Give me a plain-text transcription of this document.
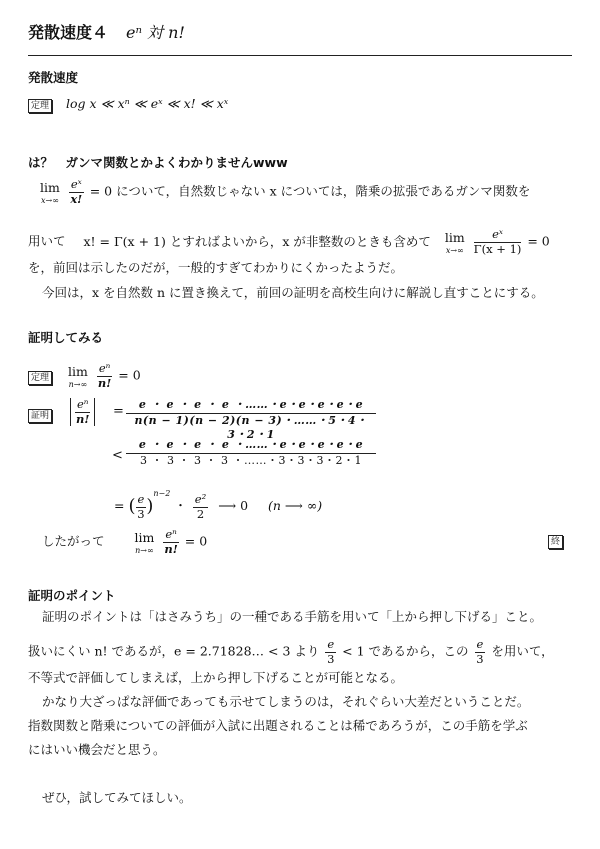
発散速度４ eⁿ 対 n!
発散速度
定理 log x ≪ xⁿ ≪ eˣ ≪ x! ≪ xˣ
は？　ガンマ関数とかよくわかりませんwww
lim
x→∞
$\frac{\text{eˣ}}{x!} = 0$ について，自然数じゃない x については，階乗の拡張であるガンマ関数を
用いて x! = Γ(x + 1) とすればよいから，x が非整数のときも含めて lim
x→∞
$\frac{\text{eˣ}}{\Gamma(x + 1)} = 0$
を，前回は示したのだが，一般的すぎてわかりにくかったようだ。
今回は，x を自然数 n に置き換えて，前回の証明を高校生向けに解説し直すことにする。
証明してみる
定理 lim
n→∞
$\frac{\text{eⁿ}}{n!} = 0$
証明 $\frac{\text{eⁿ}}{n!} = \frac{e ・ e ・ e ・ e ・\dots\dots・e・e・e・e・e}{n(n - 1)(n - 2)(n - 3)・\dots\dots・5・4・3・2・1}$
< $\frac{e ・ e ・ e ・ e ・\dots\dots・e・e・e・e・e}{3 ・ 3 ・ 3 ・ 3 ・\dots\dots・3・3・3・2・1}$
= ( $\frac{e}{3} )^{n-2}$ ・ $\frac{\text{e²}}{2}$ ⟶ 0 (n ⟶ ∞)
したがって lim
n→∞
$\frac{\text{eⁿ}}{n!} = 0$	終
証明のポイント
証明のポイントは「はさみうち」の一種である手筋を用いて「上から押し下げる」こと。
扱いにくい n! であるが，e = 2.71828… < 3 より $\frac{e}{3} < 1$ であるから，この $\frac{e}{3}$ を用いて，
不等式で評価してしまえば，上から押し下げることが可能となる。
かなり大ざっぱな評価であっても示せてしまうのは，それぐらい大差だということだ。
指数関数と階乗についての評価が入試に出題されることは稀であろうが，この手筋を学ぶ
にはいい機会だと思う。
ぜひ，試してみてほしい。
